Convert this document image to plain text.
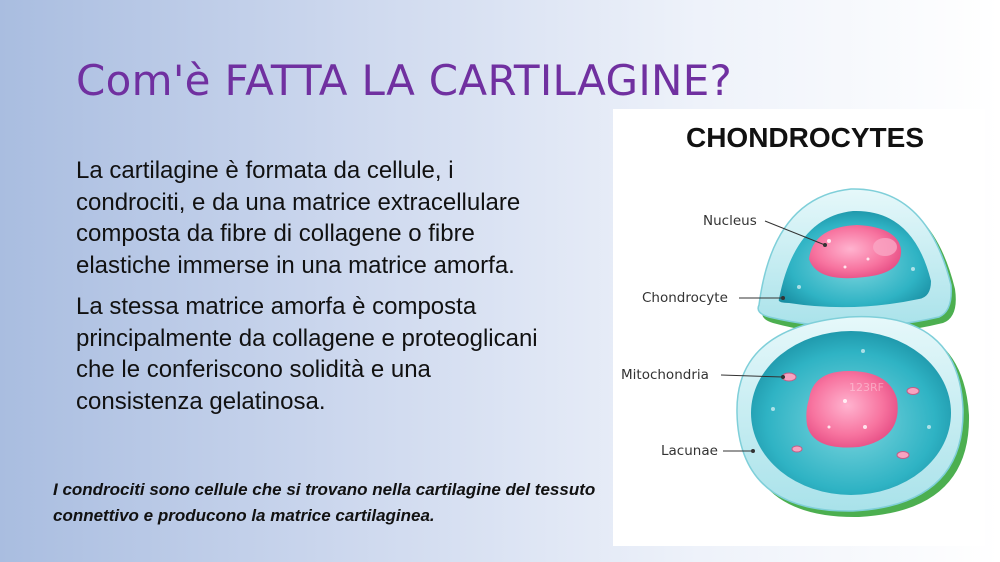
Com'è FATTA LA CARTILAGINE?

La cartilagine è formata da cellule, i condrociti, e da una matrice extracellulare composta da fibre di collagene o fibre elastiche immerse in una matrice amorfa.

La stessa matrice amorfa è composta principalmente da collagene e proteoglicani che le conferiscono solidità e una consistenza gelatinosa.

I condrociti sono cellule che si trovano nella cartilagine del tessuto connettivo e producono la matrice cartilaginea.
CHONDROCYTES
123RF
123RF
Nucleus
Chondrocyte
Mitochondria
Lacunae
